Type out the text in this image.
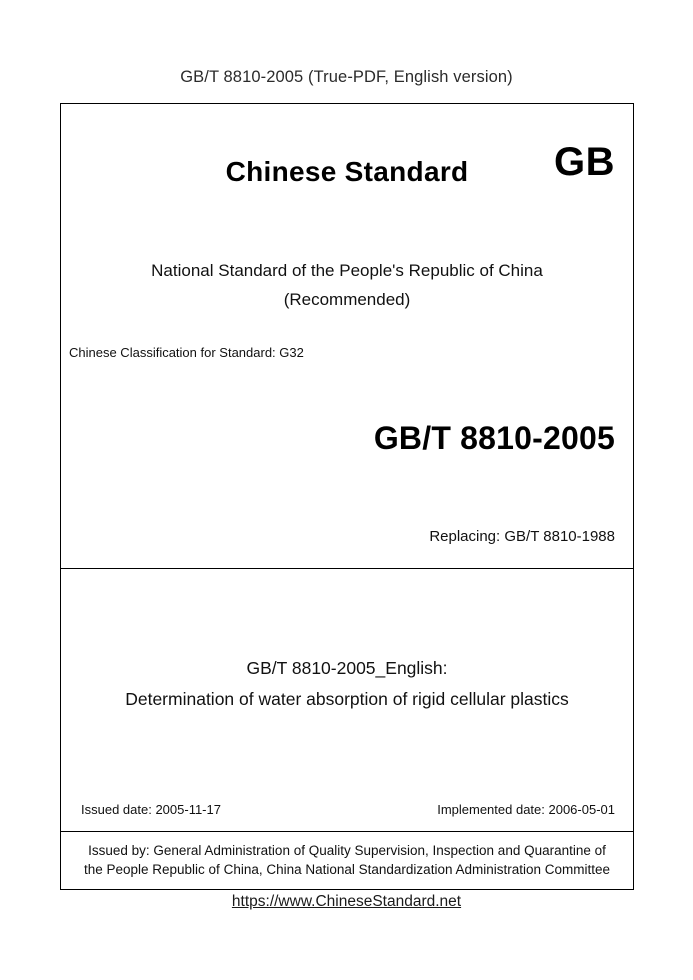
GB/T 8810-2005 (True-PDF, English version)
Chinese Standard	GB
National Standard of the People's Republic of China
(Recommended)
Chinese Classification for Standard: G32
GB/T 8810-2005
Replacing: GB/T 8810-1988
GB/T 8810-2005_English:
Determination of water absorption of rigid cellular plastics
Issued date: 2005-11-17	Implemented date: 2006-05-01
Issued by: General Administration of Quality Supervision, Inspection and Quarantine of
the People Republic of China, China National Standardization Administration Committee
https://www.ChineseStandard.net
